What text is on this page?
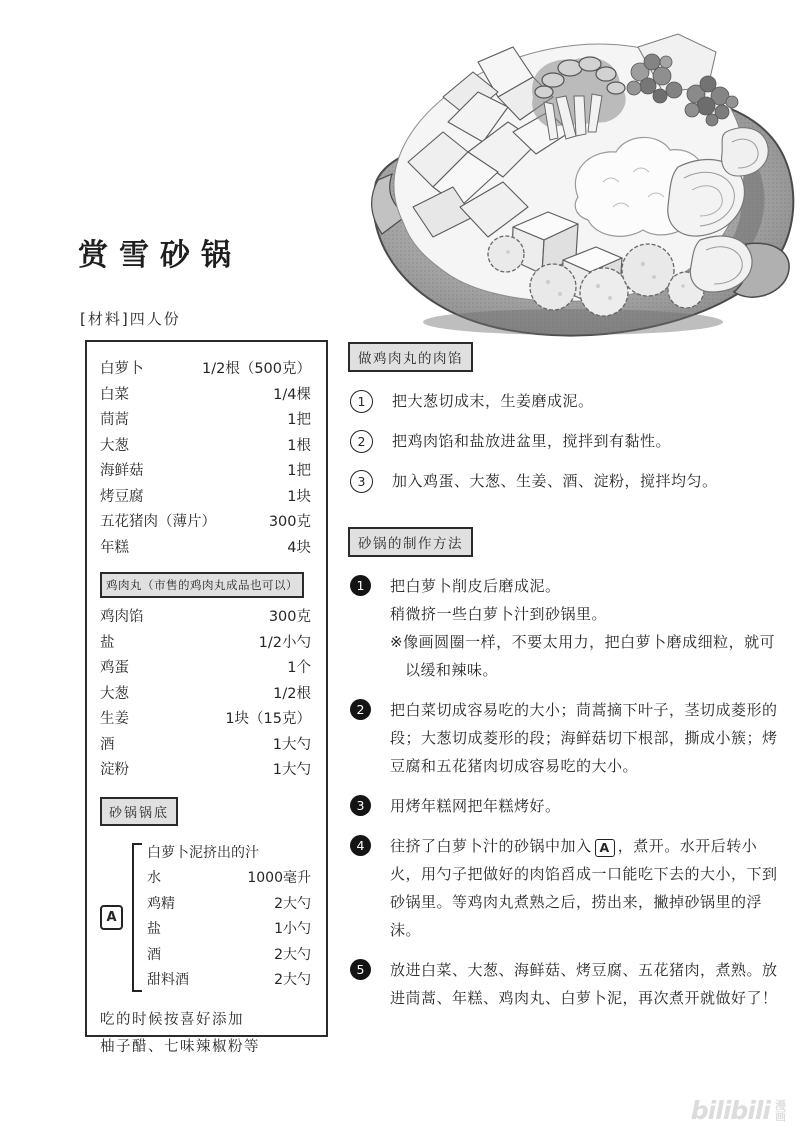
赏雪砂锅
[材料]四人份
白萝卜	1/2根（500克）
白菜	1/4棵
茼蒿	1把
大葱	1根
海鲜菇	1把
烤豆腐	1块
五花猪肉（薄片）	300克
年糕	4块
鸡肉丸（市售的鸡肉丸成品也可以）
鸡肉馅	300克
盐	1/2小勺
鸡蛋	1个
大葱	1/2根
生姜	1块（15克）
酒	1大勺
淀粉	1大勺
砂锅锅底
A
白萝卜泥挤出的汁
水	1000毫升
鸡精	2大勺
盐	1小勺
酒	2大勺
甜料酒	2大勺
吃的时候按喜好添加
柚子醋、七味辣椒粉等
做鸡肉丸的肉馅
1	把大葱切成末，生姜磨成泥。
2	把鸡肉馅和盐放进盆里，搅拌到有黏性。
3	加入鸡蛋、大葱、生姜、酒、淀粉，搅拌均匀。
砂锅的制作方法
1	把白萝卜削皮后磨成泥。
稍微挤一些白萝卜汁到砂锅里。
※像画圆圈一样，不要太用力，把白萝卜磨成细粒，就可以缓和辣味。
2	把白菜切成容易吃的大小；茼蒿摘下叶子，茎切成菱形的段；大葱切成菱形的段；海鲜菇切下根部，撕成小簇；烤豆腐和五花猪肉切成容易吃的大小。
3	用烤年糕网把年糕烤好。
4	往挤了白萝卜汁的砂锅中加入 A ，煮开。水开后转小火，用勺子把做好的肉馅舀成一口能吃下去的大小，下到砂锅里。等鸡肉丸煮熟之后，捞出来，撇掉砂锅里的浮沫。
5	放进白菜、大葱、海鲜菇、烤豆腐、五花猪肉，煮熟。放进茼蒿、年糕、鸡肉丸、白萝卜泥，再次煮开就做好了！
bilibili 漫
画
